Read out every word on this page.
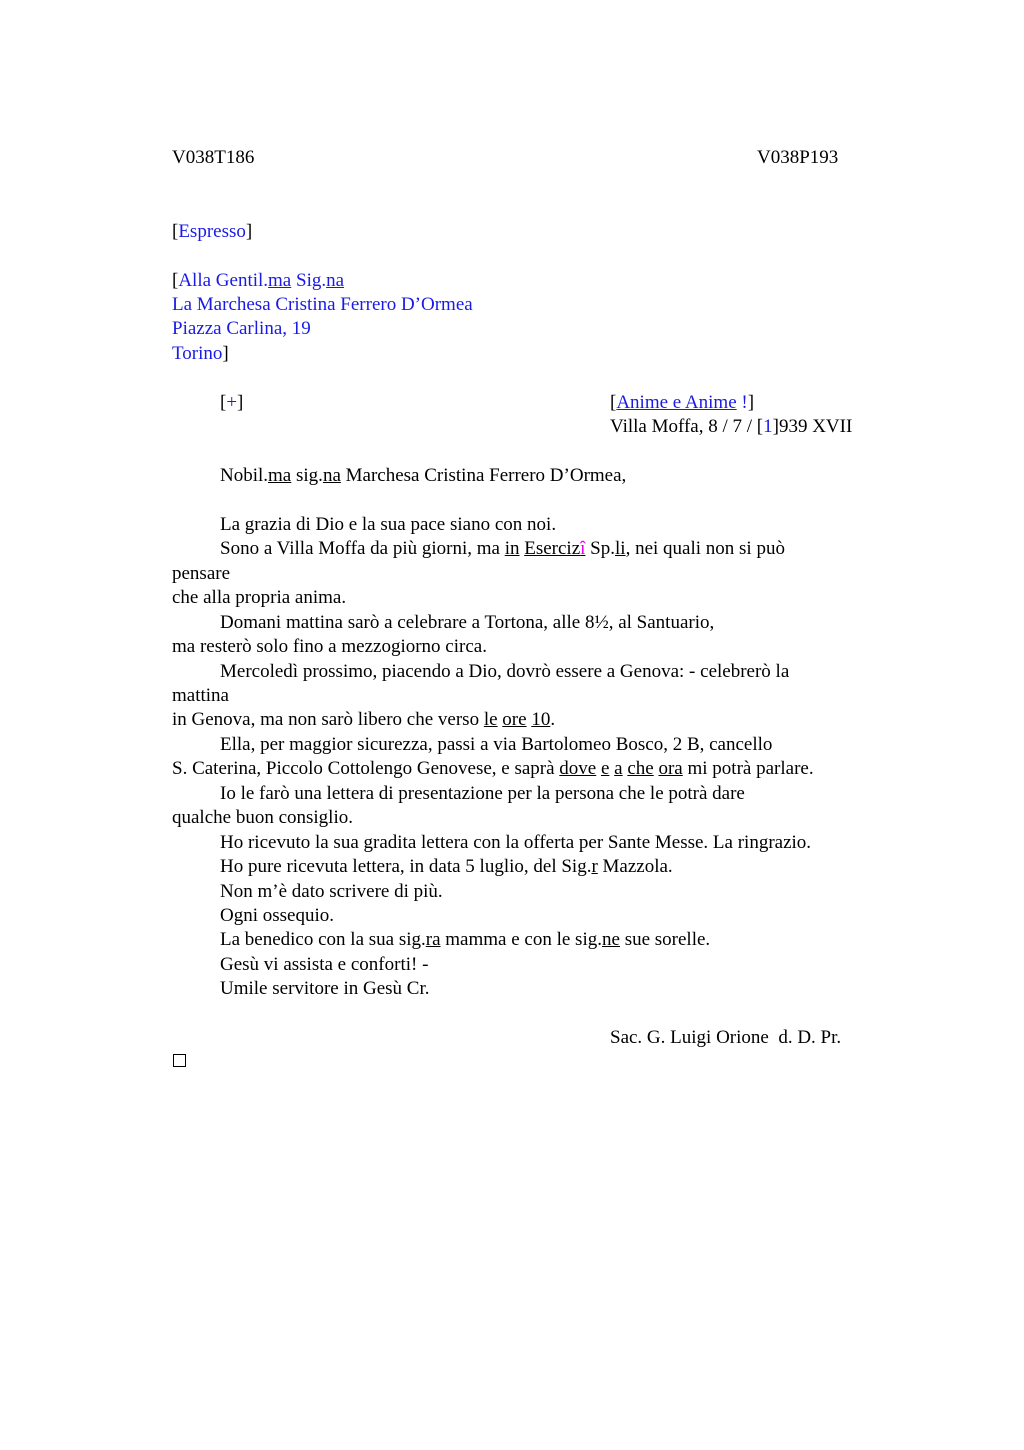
V038T186	V038P193
[Espresso]
[Alla Gentil.ma Sig.na
La Marchesa Cristina Ferrero D’Ormea
Piazza Carlina, 19
Torino]
[+]	[Anime e Anime !]
Villa Moffa, 8 / 7 / [1]939 XVII
Nobil.ma sig.na Marchesa Cristina Ferrero D’Ormea,
La grazia di Dio e la sua pace siano con noi.
Sono a Villa Moffa da più giorni, ma in Esercizî Sp.li, nei quali non si può
pensare
che alla propria anima.
Domani mattina sarò a celebrare a Tortona, alle 8½, al Santuario,
ma resterò solo fino a mezzogiorno circa.
Mercoledì prossimo, piacendo a Dio, dovrò essere a Genova: - celebrerò la
mattina
in Genova, ma non sarò libero che verso le ore 10.
Ella, per maggior sicurezza, passi a via Bartolomeo Bosco, 2 B, cancello
S. Caterina, Piccolo Cottolengo Genovese, e saprà dove e a che ora mi potrà parlare.
Io le farò una lettera di presentazione per la persona che le potrà dare
qualche buon consiglio.
Ho ricevuto la sua gradita lettera con la offerta per Sante Messe. La ringrazio.
Ho pure ricevuta lettera, in data 5 luglio, del Sig.r Mazzola.
Non m’è dato scrivere di più.
Ogni ossequio.
La benedico con la sua sig.ra mamma e con le sig.ne sue sorelle.
Gesù vi assista e conforti! -
Umile servitore in Gesù Cr.
Sac. G. Luigi Orione  d. D. Pr.
